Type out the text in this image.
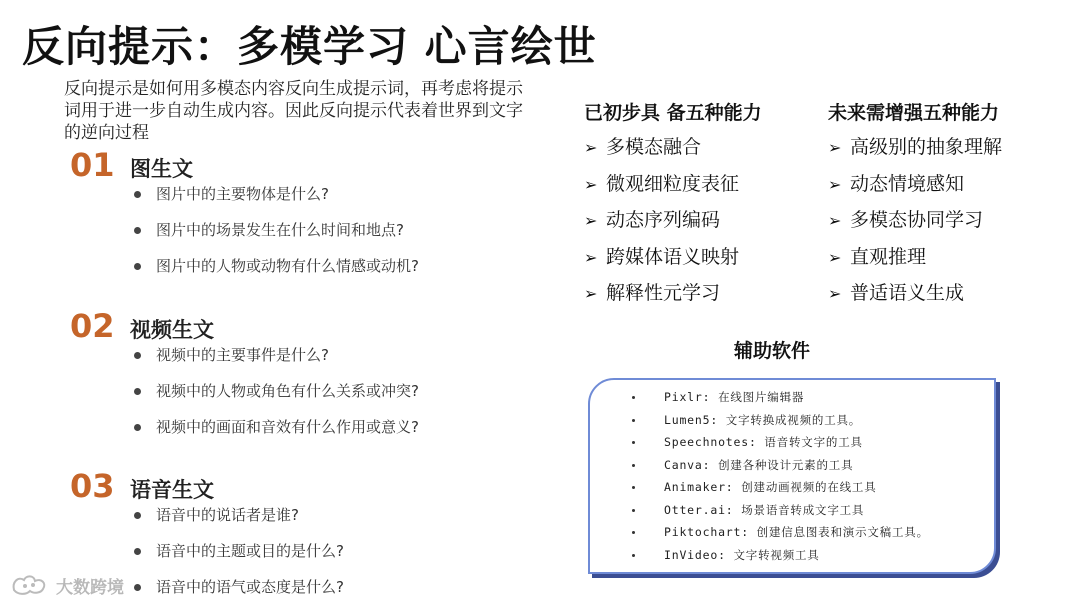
反向提示：多模学习 心言绘世
反向提示是如何用多模态内容反向生成提示词，再考虑将提示词用于进一步自动生成内容。因此反向提示代表着世界到文字的逆向过程
01 图生文
图片中的主要物体是什么?
图片中的场景发生在什么时间和地点?
图片中的人物或动物有什么情感或动机?
02 视频生文
视频中的主要事件是什么?
视频中的人物或角色有什么关系或冲突?
视频中的画面和音效有什么作用或意义?
03 语音生文
语音中的说话者是谁?
语音中的主题或目的是什么?
语音中的语气或态度是什么?
已初步具 备五种能力
➢ 多模态融合
➢ 微观细粒度表征
➢ 动态序列编码
➢ 跨媒体语义映射
➢ 解释性元学习
未来需增强五种能力
➢ 高级别的抽象理解
➢ 动态情境感知
➢ 多模态协同学习
➢ 直观推理
➢ 普适语义生成
辅助软件
Pixlr: 在线图片编辑器
Lumen5: 文字转换成视频的工具。
Speechnotes: 语音转文字的工具
Canva: 创建各种设计元素的工具
Animaker: 创建动画视频的在线工具
Otter.ai: 场景语音转成文字工具
Piktochart: 创建信息图表和演示文稿工具。
InVideo: 文字转视频工具
大数跨境
